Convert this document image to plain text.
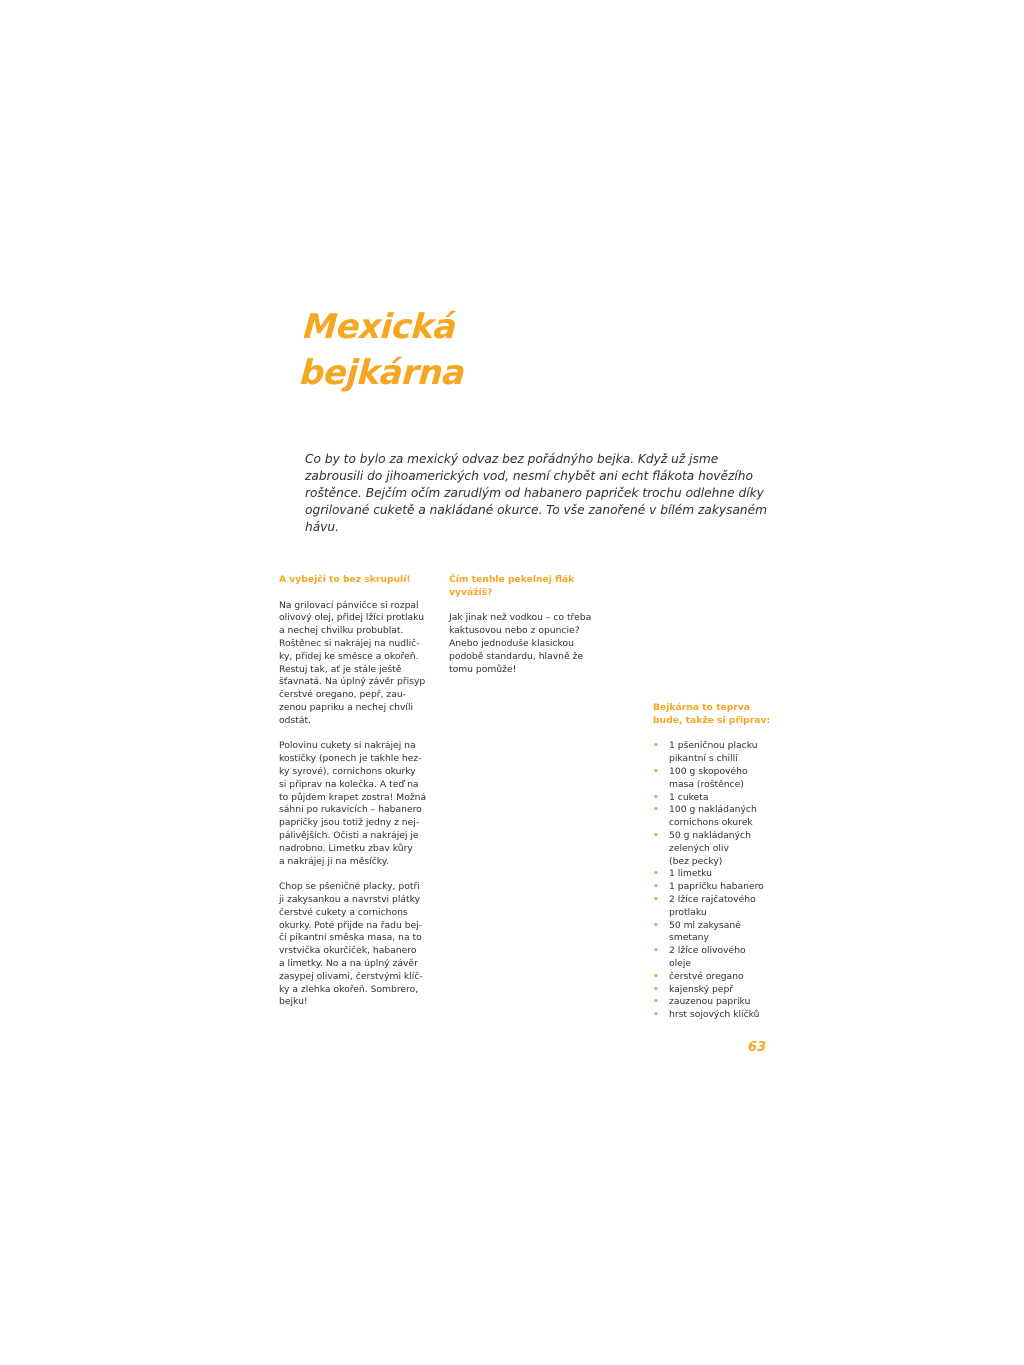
Mexická
bejkárna

Co by to bylo za mexický odvaz bez pořádnýho bejka. Když už jsme zabrousili do jihoamerických vod, nesmí chybět ani echt flákota hovězího roštěnce. Bejčím očím zarudlým od habanero papriček trochu odlehne díky ogrilované cuketě a nakládané okurce. To vše zanořené v bílém zakysaném hávu.

A vybejči to bez skrupulí!

Na grilovací pánvičce si rozpal
olivový olej, přidej lžíci protlaku
a nechej chvilku probublat.
Roštěnec si nakrájej na nudlič-
ky, přidej ke směsce a okořeň.
Restuj tak, ať je stále ještě
šťavnatá. Na úplný závěr přisyp
čerstvé oregano, pepř, zau-
zenou papriku a nechej chvíli
odstát.

Polovinu cukety si nakrájej na
kostičky (ponech je takhle hez-
ky syrové), cornichons okurky
si připrav na kolečka. A teď na
to půjdem krapet zostra! Možná
sáhni po rukavicích – habanero
papričky jsou totiž jedny z nej-
pálivějších. Očisti a nakrájej je
nadrobno. Limetku zbav kůry
a nakrájej ji na měsíčky.

Chop se pšeničné placky, potři
ji zakysankou a navrstvi plátky
čerstvé cukety a cornichons
okurky. Poté přijde na řadu bej-
čí pikantní směska masa, na to
vrstvička okurčiček, habanero
a limetky. No a na úplný závěr
zasypej olivami, čerstvými klíč-
ky a zlehka okořeň. Sombrero,
bejku!

Čím tenhle pekelnej flák
vyvážíš?

Jak jinak než vodkou – co třeba
kaktusovou nebo z opuncie?
Anebo jednoduše klasickou
podobě standardu, hlavně že
tomu pomůže!

Bejkárna to teprva
bude, takže si připrav:
• 1 pšeničnou placku
pikantní s chilli
• 100 g skopového
masa (roštěnce)
• 1 cuketa
• 100 g nakládaných
cornichons okurek
• 50 g nakládaných
zelených oliv
(bez pecky)
• 1 limetku
• 1 papričku habanero
• 2 lžíce rajčatového
protlaku
• 50 ml zakysané
smetany
• 2 lžíce olivového
oleje
• čerstvé oregano
• kajenský pepř
• zauzenou papriku
• hrst sojových klíčků
63
